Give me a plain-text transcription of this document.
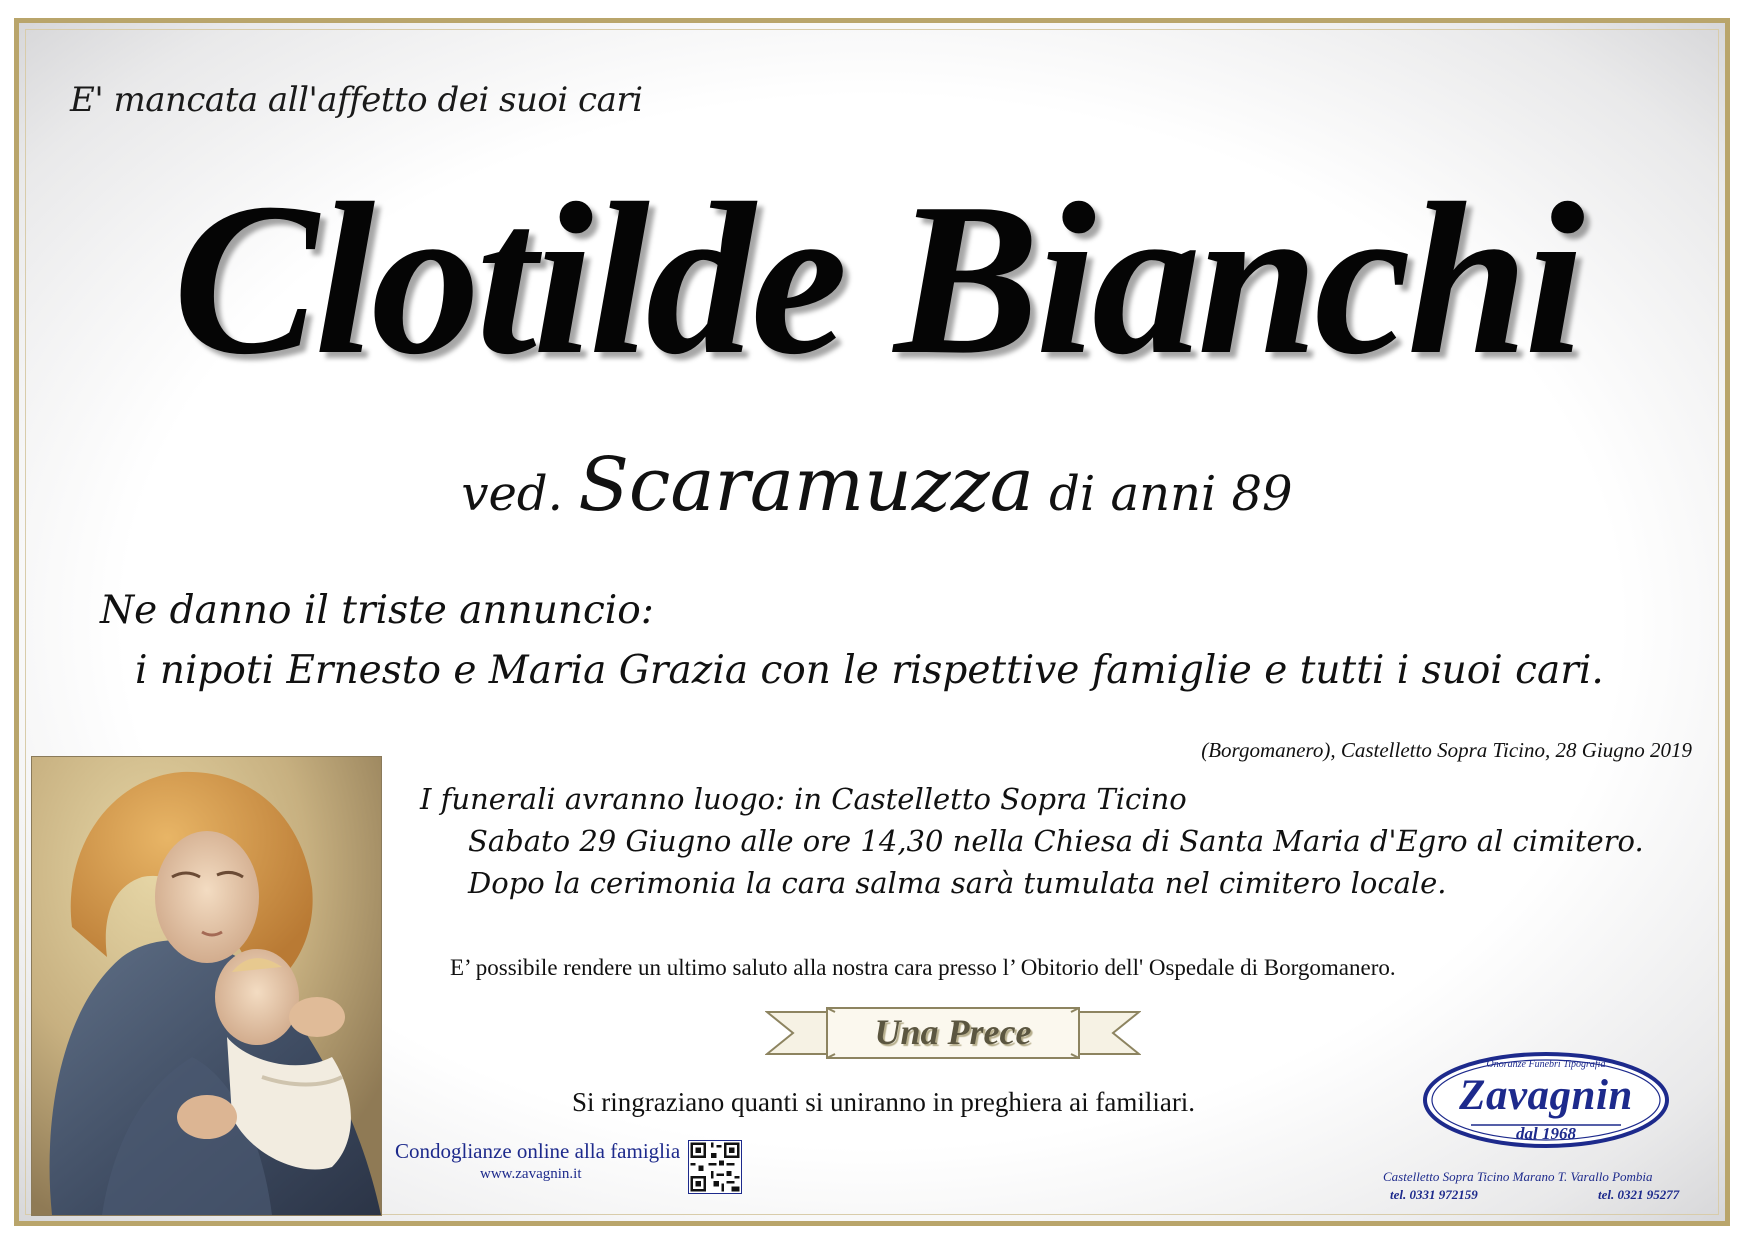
E' mancata all'affetto dei suoi cari
Clotilde Bianchi
ved. Scaramuzza di anni 89
Ne danno il triste annuncio:
i nipoti Ernesto e Maria Grazia con le rispettive famiglie e tutti i suoi cari.
(Borgomanero), Castelletto Sopra Ticino, 28 Giugno 2019
I funerali avranno luogo: in Castelletto Sopra Ticino
Sabato 29 Giugno alle ore 14,30 nella Chiesa di Santa Maria d'Egro al cimitero.
Dopo la cerimonia la cara salma sarà tumulata nel cimitero locale.
E’ possibile rendere un ultimo saluto alla nostra cara presso l’ Obitorio dell' Ospedale di Borgomanero.
Una Prece
Si ringraziano quanti si uniranno in preghiera ai familiari.
Condoglianze online alla famiglia
www.zavagnin.it
Onoranze Funebri Tipografia
Zavagnin
dal 1968
Castelletto Sopra Ticino Marano T. Varallo Pombia
tel. 0331 972159	tel. 0321 95277
